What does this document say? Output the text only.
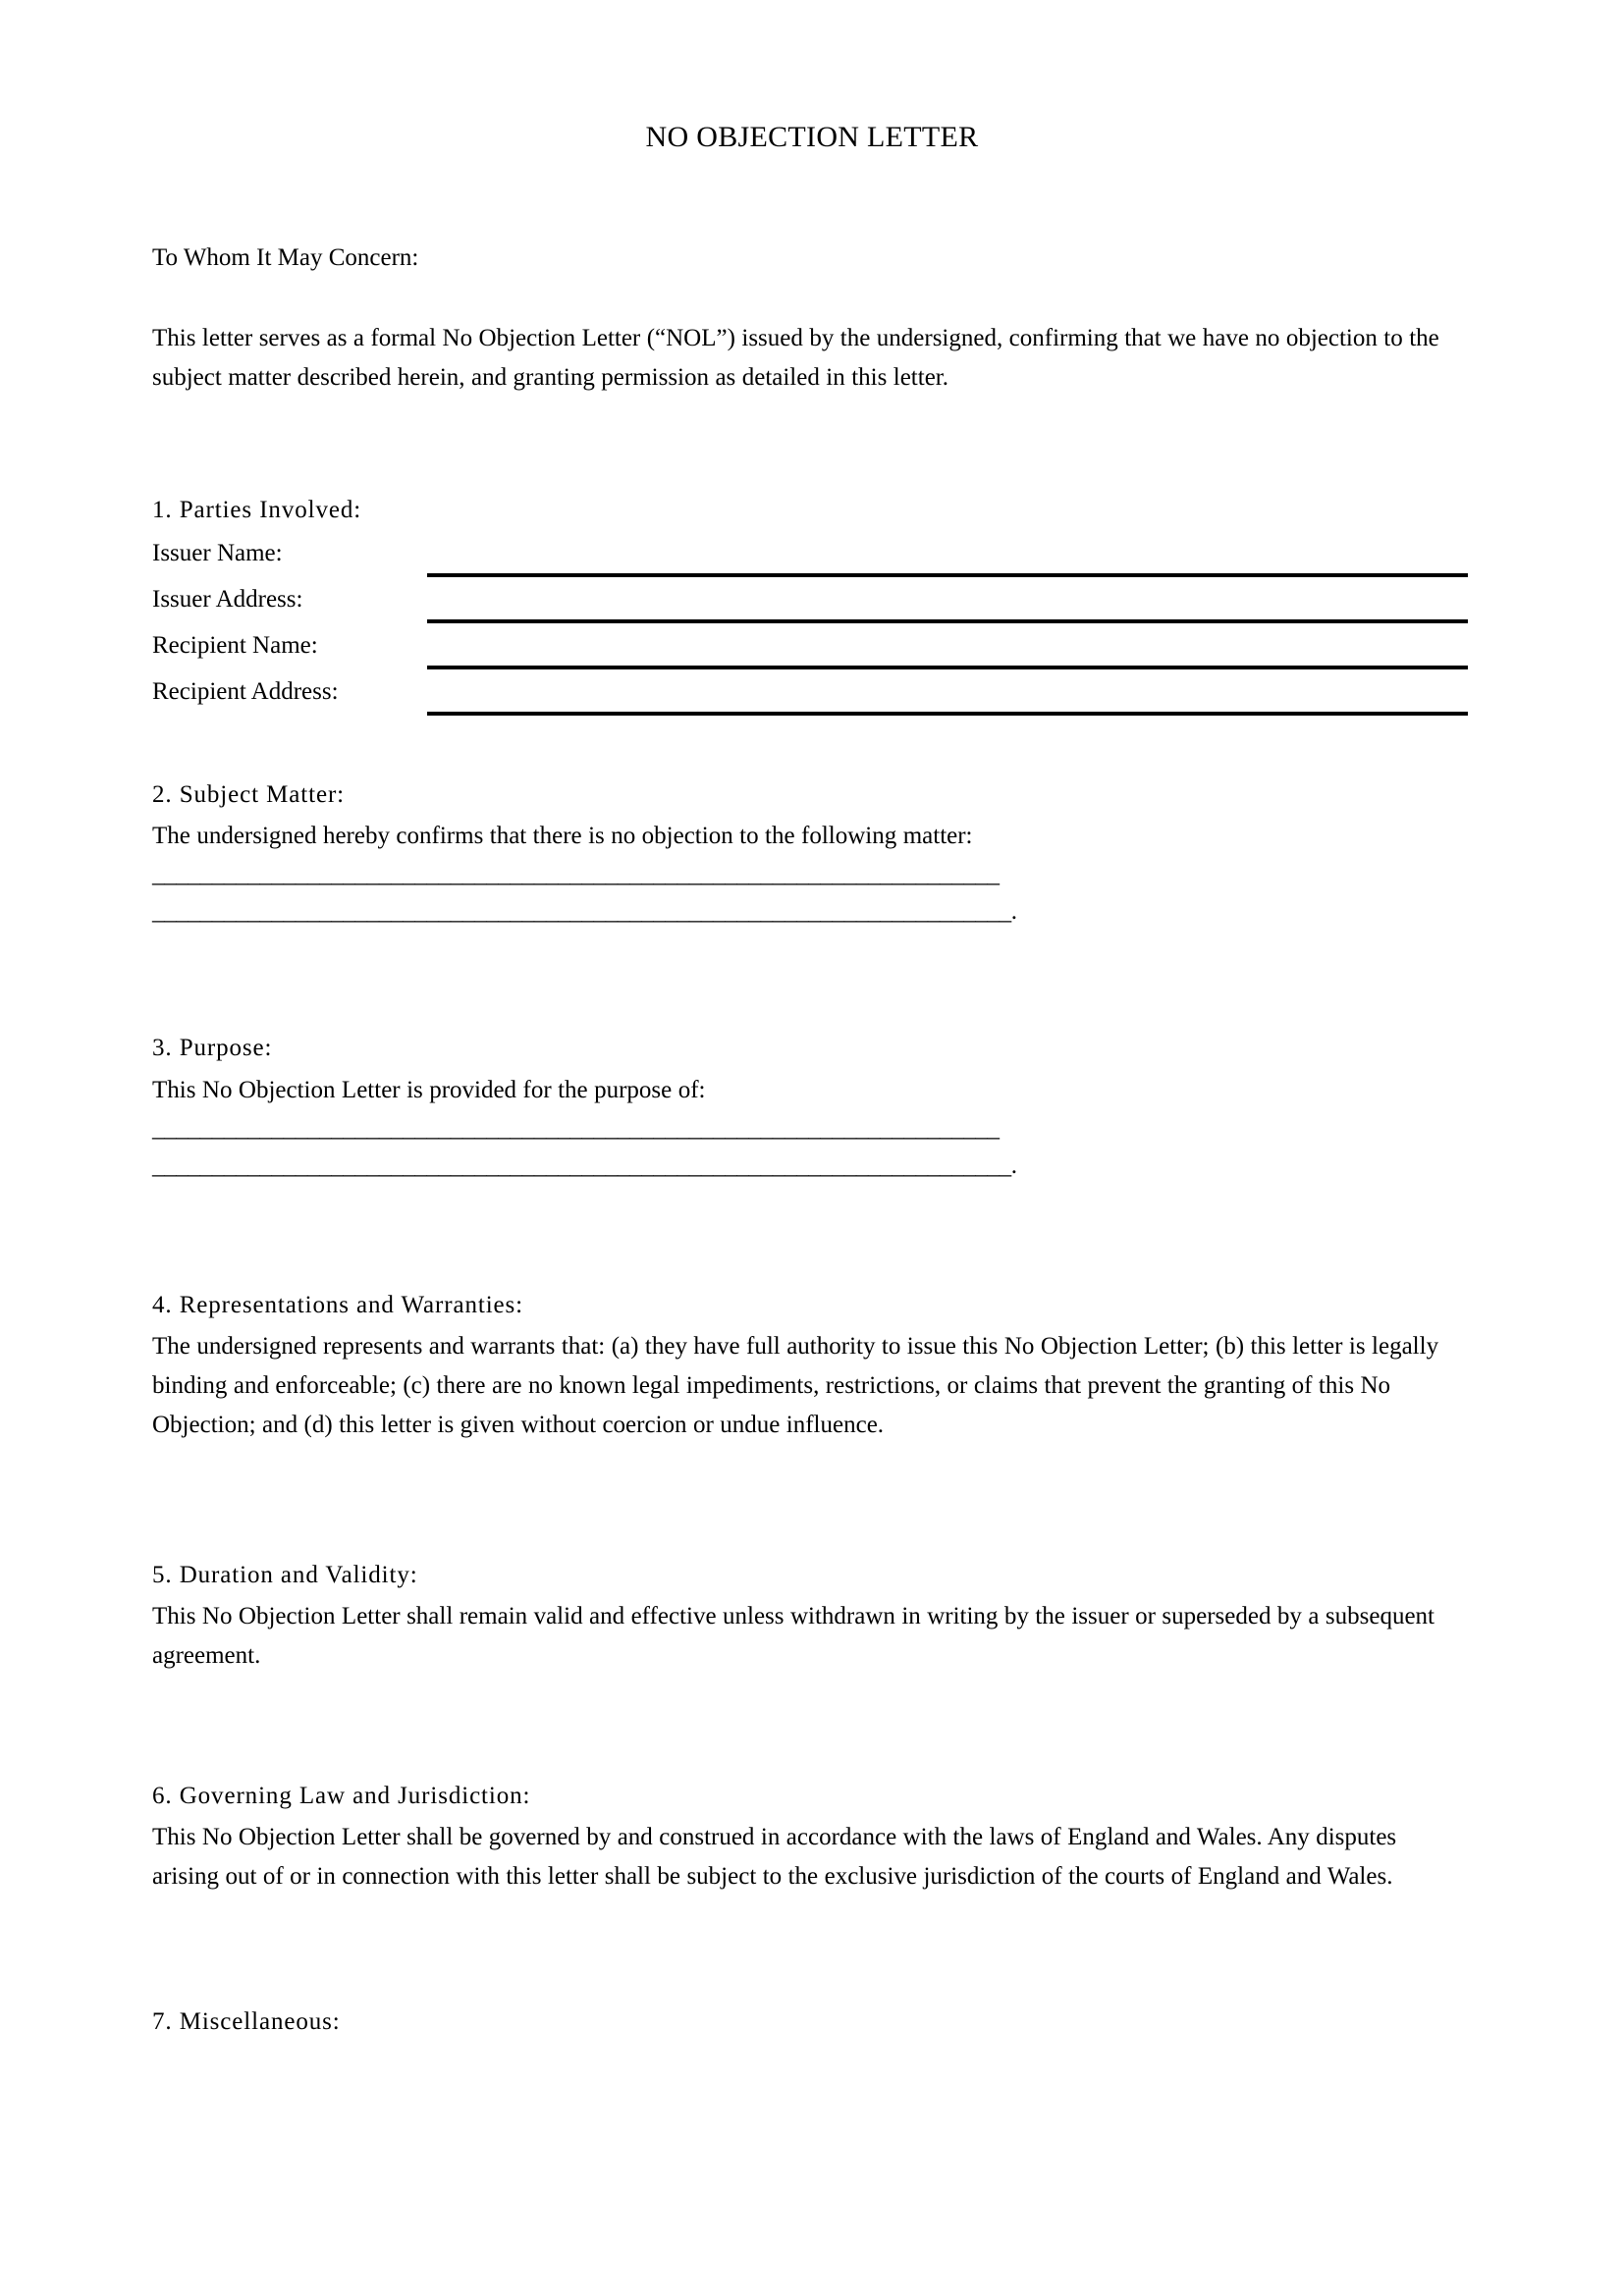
NO OBJECTION LETTER

To Whom It May Concern:

This letter serves as a formal No Objection Letter (“NOL”) issued by the undersigned, confirming that we have no objection to the subject matter described herein, and granting permission as detailed in this letter.

1. Parties Involved:

Issuer Name:
Issuer Address:
Recipient Name:
Recipient Address:

2. Subject Matter:

The undersigned hereby confirms that there is no objection to the following matter:

_______________________________________________________________________

________________________________________________________________________.

3. Purpose:

This No Objection Letter is provided for the purpose of:

_______________________________________________________________________

________________________________________________________________________.

4. Representations and Warranties:

The undersigned represents and warrants that: (a) they have full authority to issue this No Objection Letter; (b) this letter is legally binding and enforceable; (c) there are no known legal impediments, restrictions, or claims that prevent the granting of this No Objection; and (d) this letter is given without coercion or undue influence.

5. Duration and Validity:

This No Objection Letter shall remain valid and effective unless withdrawn in writing by the issuer or superseded by a subsequent agreement.

6. Governing Law and Jurisdiction:

This No Objection Letter shall be governed by and construed in accordance with the laws of England and Wales. Any disputes arising out of or in connection with this letter shall be subject to the exclusive jurisdiction of the courts of England and Wales.

7. Miscellaneous:
